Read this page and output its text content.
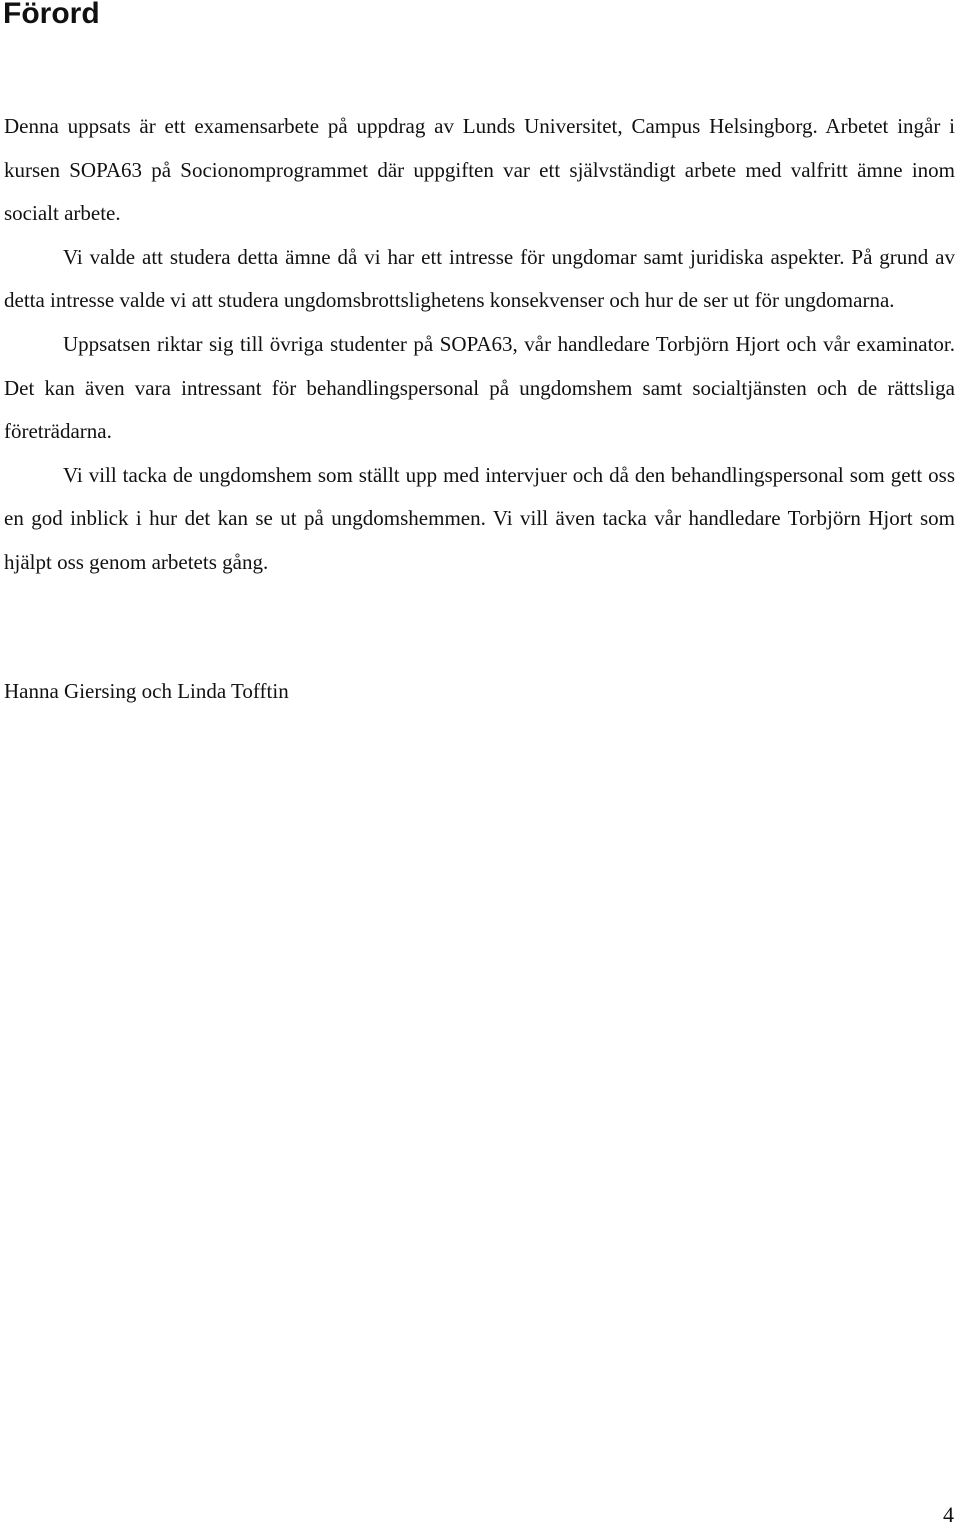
Förord

Denna uppsats är ett examensarbete på uppdrag av Lunds Universitet, Campus Helsingborg. Arbetet ingår i kursen SOPA63 på Socionomprogrammet där uppgiften var ett självständigt arbete med valfritt ämne inom socialt arbete.

Vi valde att studera detta ämne då vi har ett intresse för ungdomar samt juridiska aspekter. På grund av detta intresse valde vi att studera ungdomsbrottslighetens konsekvenser och hur de ser ut för ungdomarna.

Uppsatsen riktar sig till övriga studenter på SOPA63, vår handledare Torbjörn Hjort och vår examinator. Det kan även vara intressant för behandlingspersonal på ungdomshem samt socialtjänsten och de rättsliga företrädarna.

Vi vill tacka de ungdomshem som ställt upp med intervjuer och då den behandlingspersonal som gett oss en god inblick i hur det kan se ut på ungdomshemmen. Vi vill även tacka vår handledare Torbjörn Hjort som hjälpt oss genom arbetets gång.

Hanna Giersing och Linda Tofftin

4
